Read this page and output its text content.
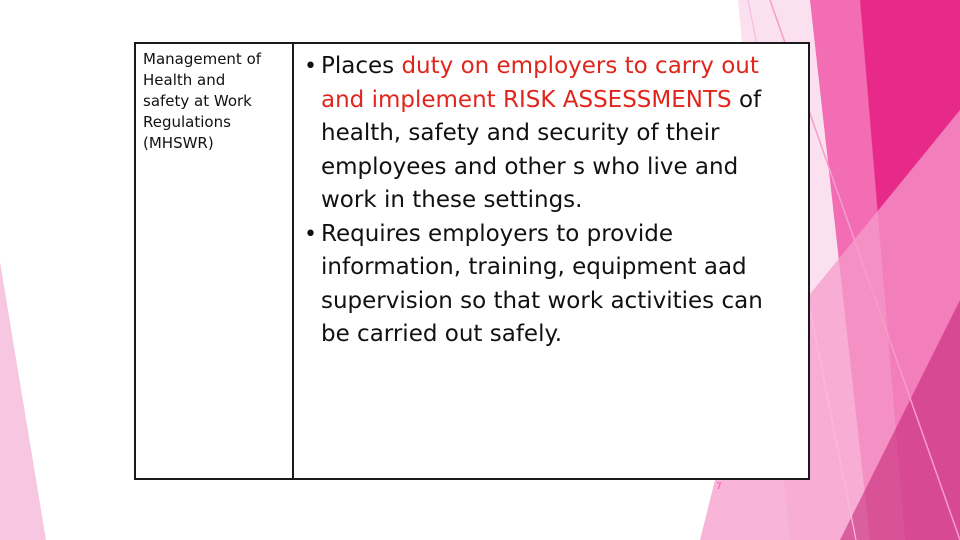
Management of
Health and
safety at Work
Regulations
(MHSWR)
• Places duty on employers to carry out and implement RISK ASSESSMENTS of health, safety and security of their employees and other s who live and work in these settings.
• Requires employers to provide information, training, equipment aad supervision so that work activities can be carried out safely.
7
